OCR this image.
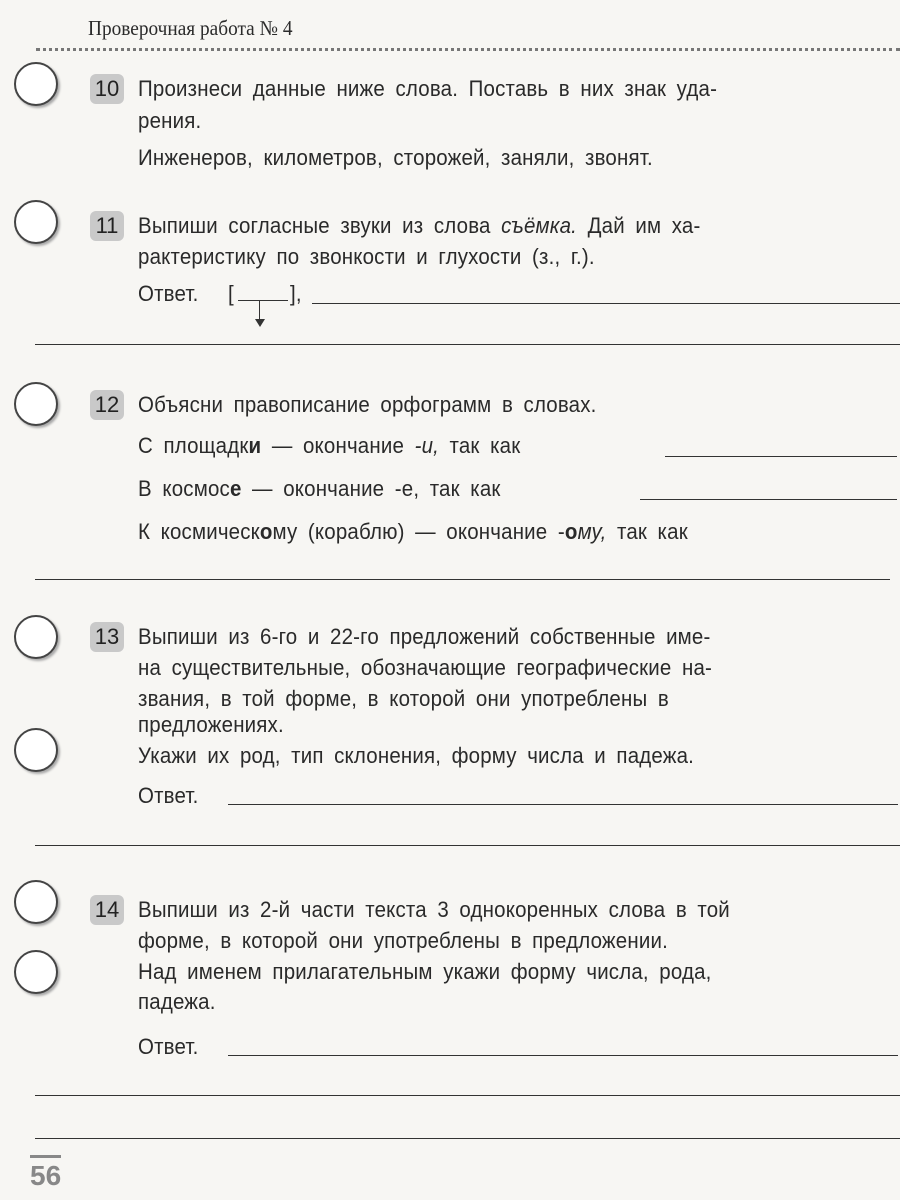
Проверочная работа № 4
10 Произнеси данные ниже слова. Поставь в них знак уда-
рения.
Инженеров, километров, сторожей, заняли, звонят.
11 Выпиши согласные звуки из слова съёмка. Дай им ха-
рактеристику по звонкости и глухости (з., г.).
Ответ. [	],
12 Объясни правописание орфограмм в словах.
С площадки — окончание -и, так как
В космосе — окончание -е, так как
К космическому (кораблю) — окончание -ому, так как
13 Выпиши из 6-го и 22-го предложений собственные име-
на существительные, обозначающие географические на-
звания, в той форме, в которой они употреблены в
предложениях.
Укажи их род, тип склонения, форму числа и падежа.
Ответ.
14 Выпиши из 2-й части текста 3 однокоренных слова в той
форме, в которой они употреблены в предложении.
Над именем прилагательным укажи форму числа, рода,
падежа.
Ответ.
56
